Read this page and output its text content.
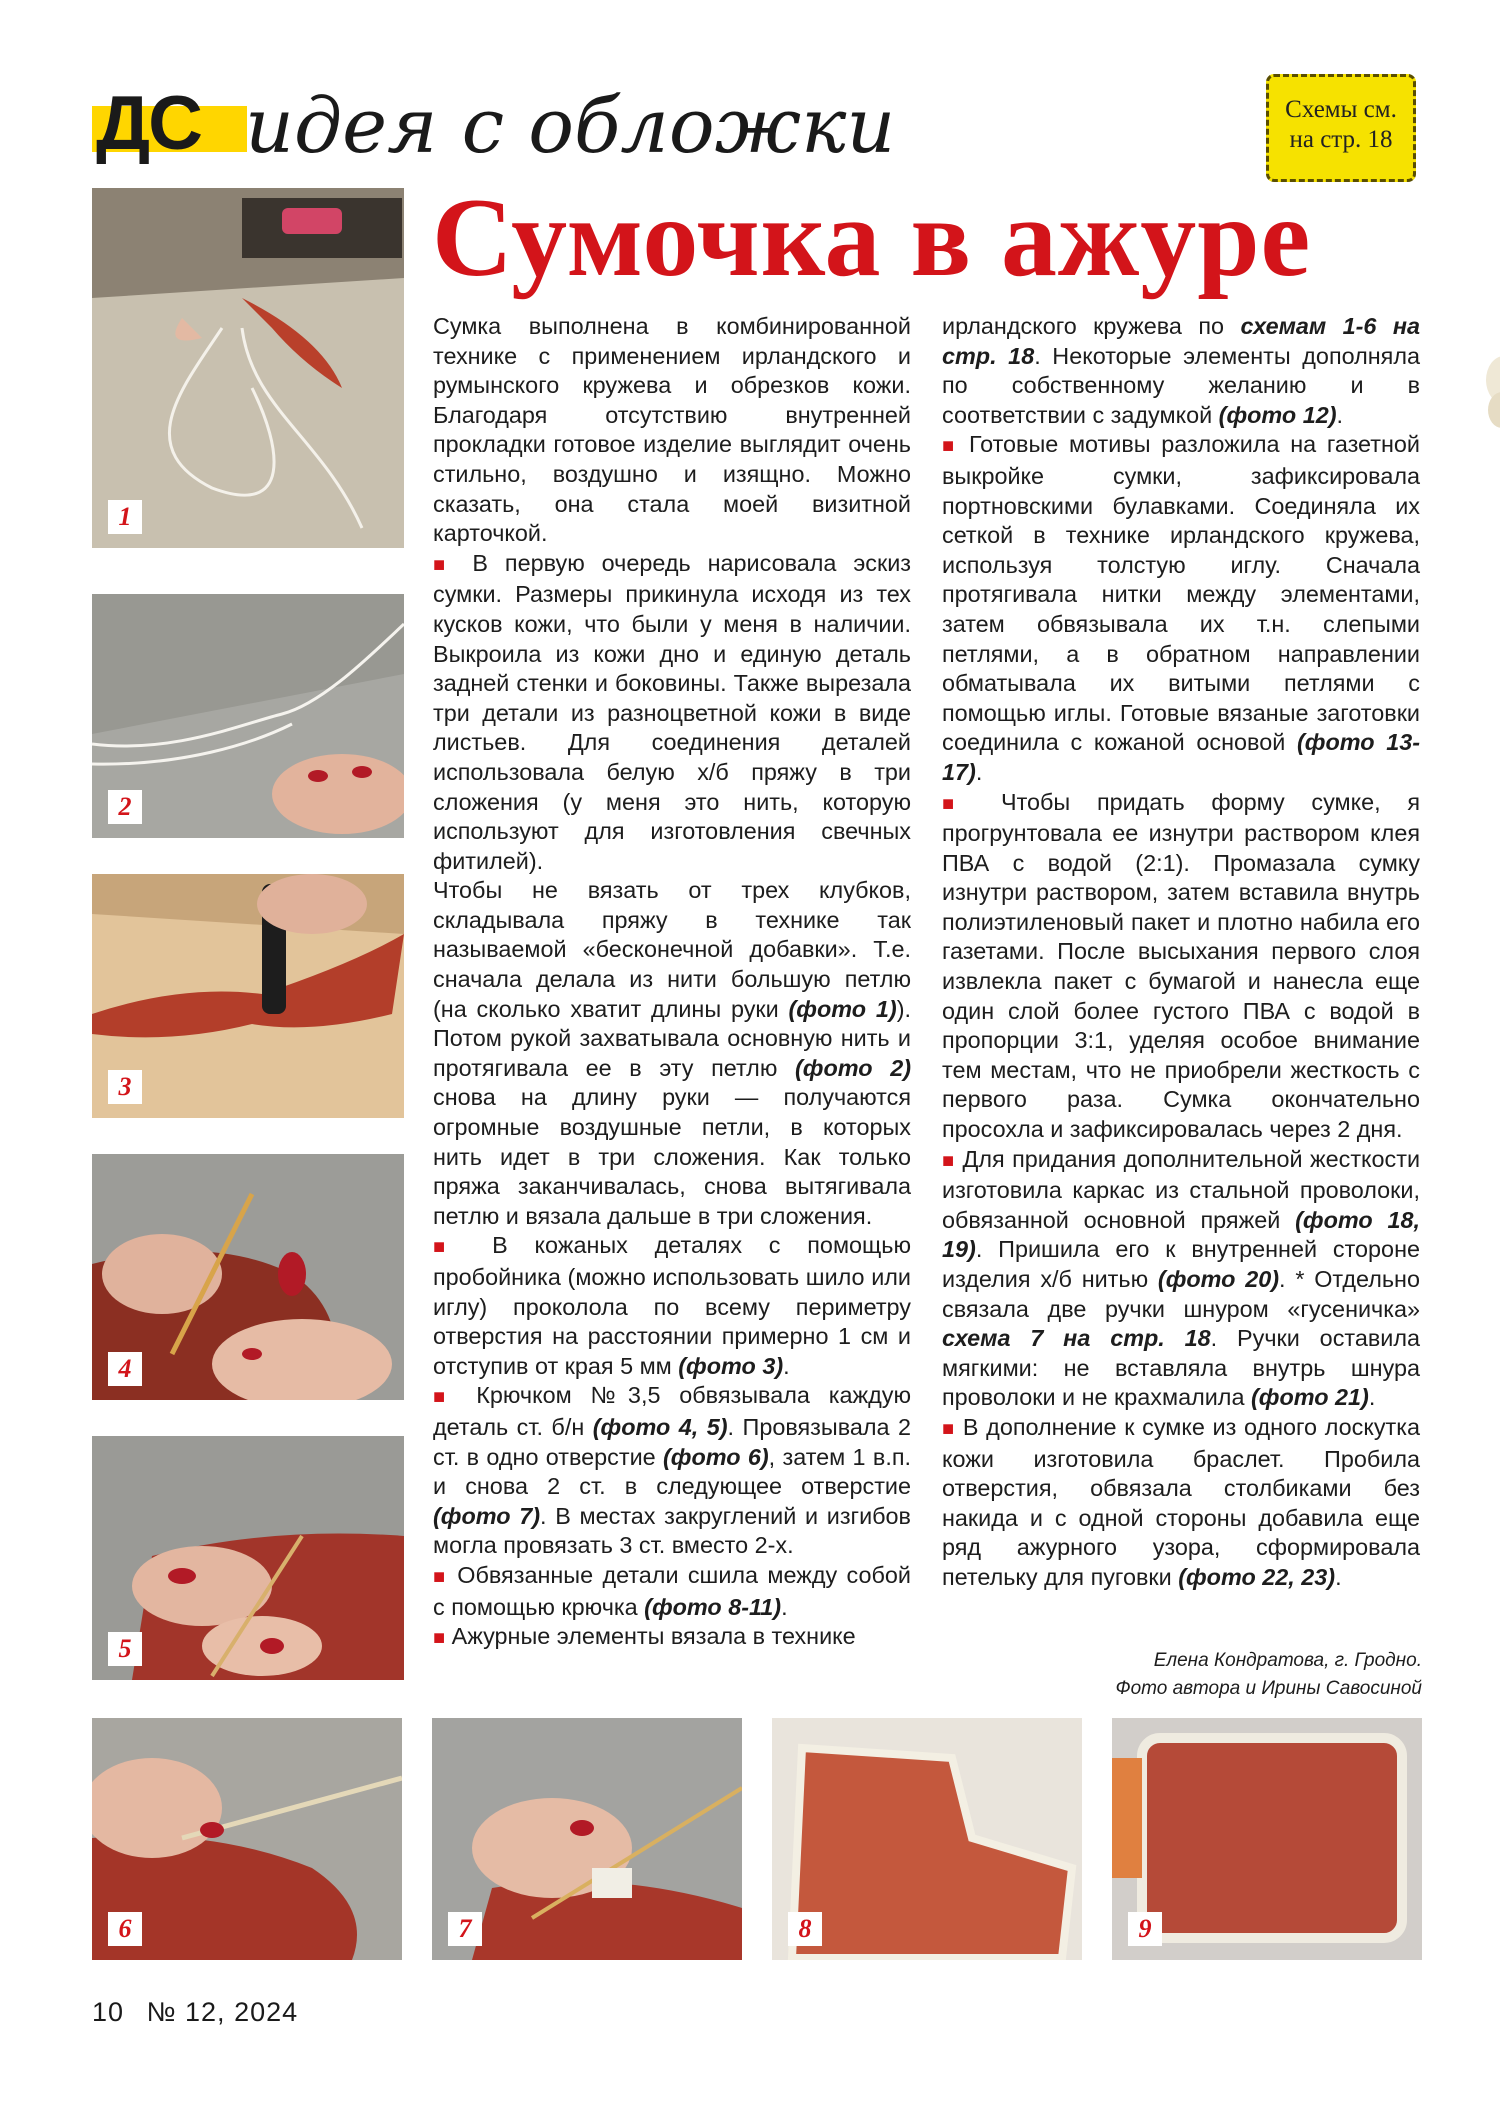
ДС идея с обложки	Схемы см.
на стр. 18
Сумочка в ажуре
1
2
3
4
5

Сумка выполнена в комбинированной технике с применением ирландского и румынского кружева и обрезков кожи. Благодаря отсутствию внутренней прокладки готовое изделие выглядит очень стильно, воздушно и изящно. Можно сказать, она стала моей визитной карточкой.

■ В первую очередь нарисовала эскиз сумки. Размеры прикинула исходя из тех кусков кожи, что были у меня в наличии. Выкроила из кожи дно и единую деталь задней стенки и боковины. Также вырезала три детали из разноцветной кожи в виде листьев. Для соединения деталей использовала белую х/б пряжу в три сложения (у меня это нить, которую используют для изготовления свечных фитилей).

Чтобы не вязать от трех клубков, складывала пряжу в технике так называемой «бесконечной добавки». Т.е. сначала делала из нити большую петлю (на сколько хватит длины руки (фото 1)). Потом рукой захватывала основную нить и протягивала ее в эту петлю (фото 2) снова на длину руки — получаются огромные воздушные петли, в которых нить идет в три сложения. Как только пряжа заканчивалась, снова вытягивала петлю и вязала дальше в три сложения.

■ В кожаных деталях с помощью пробойника (можно использовать шило или иглу) проколола по всему периметру отверстия на расстоянии примерно 1 см и отступив от края 5 мм (фото 3).

■ Крючком №3,5 обвязывала каждую деталь ст. б/н (фото 4, 5). Провязывала 2 ст. в одно отверстие (фото 6), затем 1 в.п. и снова 2 ст. в следующее отверстие (фото 7). В местах закруглений и изгибов могла провязать 3 ст. вместо 2-х.

■ Обвязанные детали сшила между собой с помощью крючка (фото 8-11).

■ Ажурные элементы вязала в технике

ирландского кружева по схемам 1-6 на стр. 18. Некоторые элементы дополняла по собственному желанию и в соответствии с задумкой (фото 12).

■ Готовые мотивы разложила на газетной выкройке сумки, зафиксировала портновскими булавками. Соединяла их сеткой в технике ирландского кружева, используя толстую иглу. Сначала протягивала нитки между элементами, затем обвязывала их т.н. слепыми петлями, а в обратном направлении обматывала их витыми петлями с помощью иглы. Готовые вязаные заготовки соединила с кожаной основой (фото 13-17).

■ Чтобы придать форму сумке, я прогрунтовала ее изнутри раствором клея ПВА с водой (2:1). Промазала сумку изнутри раствором, затем вставила внутрь полиэтиленовый пакет и плотно набила его газетами. После высыхания первого слоя извлекла пакет с бумагой и нанесла еще один слой более густого ПВА с водой в пропорции 3:1, уделяя особое внимание тем местам, что не приобрели жесткость с первого раза. Сумка окончательно просохла и зафиксировалась через 2 дня.

■ Для придания дополнительной жесткости изготовила каркас из стальной проволоки, обвязанной основной пряжей (фото 18, 19). Пришила его к внутренней стороне изделия х/б нитью (фото 20). * Отдельно связала две ручки шнуром «гусеничка» схема 7 на стр. 18. Ручки оставила мягкими: не вставляла внутрь шнура проволоки и не крахмалила (фото 21).

■ В дополнение к сумке из одного лоскутка кожи изготовила браслет. Пробила отверстия, обвязала столбиками без накида и с одной стороны добавила еще ряд ажурного узора, сформировала петельку для пуговки (фото 22, 23).

Елена Кондратова, г. Гродно.
Фото автора и Ирины Савосиной
6	7	8	9
10 № 12, 2024
